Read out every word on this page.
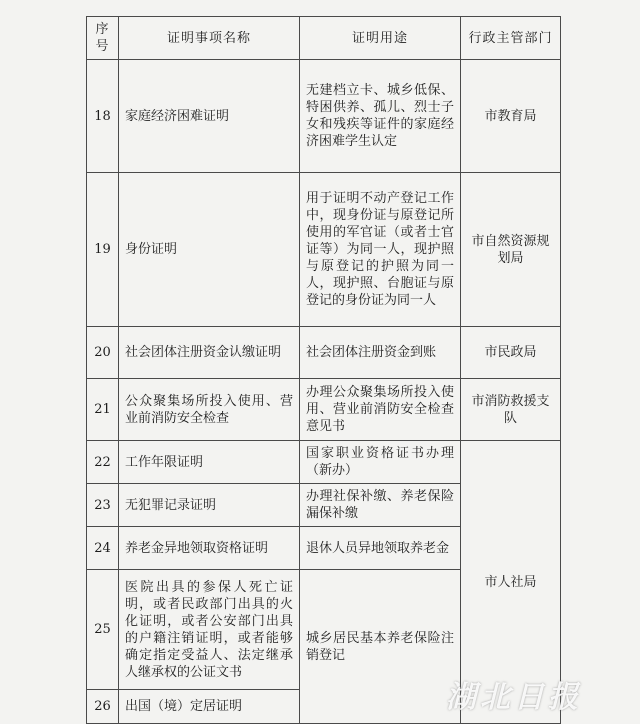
序号	证明事项名称	证明用途	行政主管部门
18	家庭经济困难证明	无建档立卡、城乡低保、特困供养、孤儿、烈士子女和残疾等证件的家庭经济困难学生认定	市教育局
19	身份证明	用于证明不动产登记工作中，现身份证与原登记所使用的军官证（或者士官证等）为同一人，现护照与原登记的护照为同一人，现护照、台胞证与原登记的身份证为同一人	市自然资源规划局
20	社会团体注册资金认缴证明	社会团体注册资金到账	市民政局
21	公众聚集场所投入使用、营业前消防安全检查	办理公众聚集场所投入使用、营业前消防安全检查意见书	市消防救援支队
22	工作年限证明	国家职业资格证书办理（新办）	市人社局
23	无犯罪记录证明	办理社保补缴、养老保险漏保补缴	
24	养老金异地领取资格证明	退休人员异地领取养老金	
25	医院出具的参保人死亡证明，或者民政部门出具的火化证明，或者公安部门出具的户籍注销证明，或者能够确定指定受益人、法定继承人继承权的公证文书	城乡居民基本养老保险注销登记	
26	出国（境）定居证明			湖北日报
